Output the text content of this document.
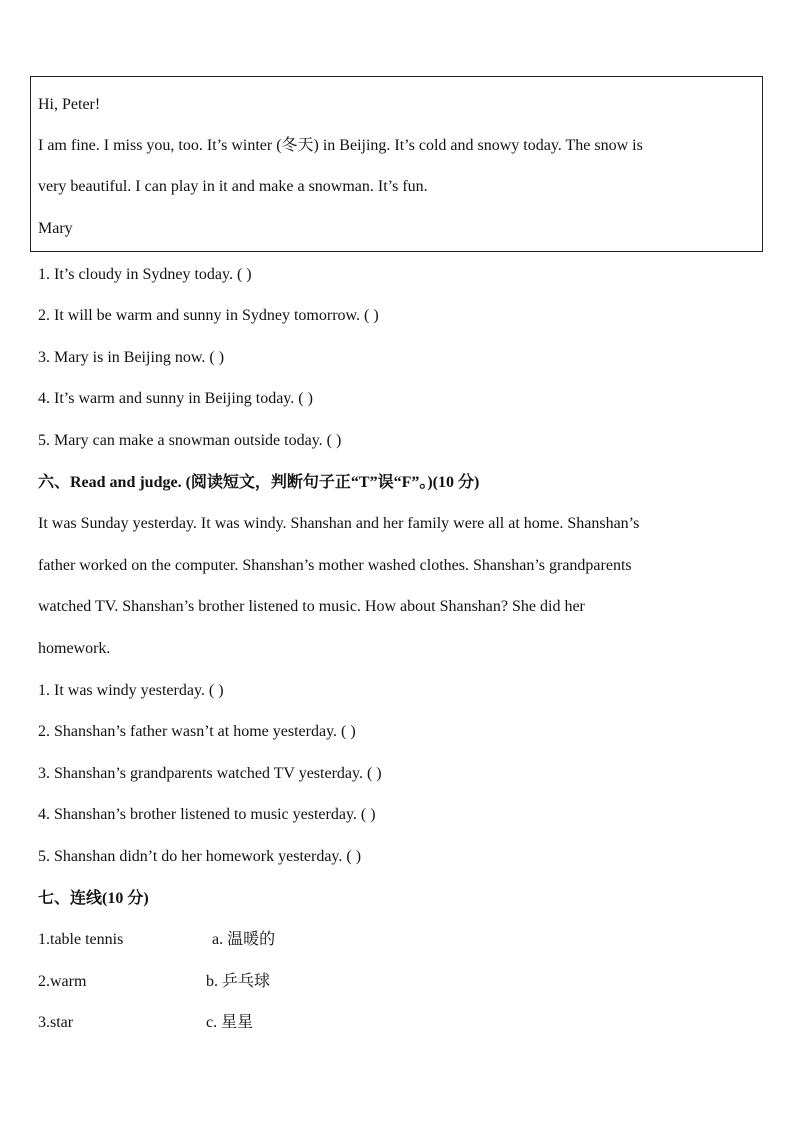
Hi, Peter!
I am fine. I miss you, too. It’s winter (冬天) in Beijing. It’s cold and snowy today. The snow is
very beautiful. I can play in it and make a snowman. It’s fun.
Mary
1. It’s cloudy in Sydney today. ( )
2. It will be warm and sunny in Sydney tomorrow. ( )
3. Mary is in Beijing now. ( )
4. It’s warm and sunny in Beijing today. ( )
5. Mary can make a snowman outside today. ( )
六、Read and judge. (阅读短文，判断句子正“T”误“F”。)(10 分)
It was Sunday yesterday. It was windy. Shanshan and her family were all at home. Shanshan’s
father worked on the computer. Shanshan’s mother washed clothes. Shanshan’s grandparents
watched TV. Shanshan’s brother listened to music. How about Shanshan? She did her
homework.
1. It was windy yesterday. ( )
2. Shanshan’s father wasn’t at home yesterday. ( )
3. Shanshan’s grandparents watched TV yesterday. ( )
4. Shanshan’s brother listened to music yesterday. ( )
5. Shanshan didn’t do her homework yesterday. ( )
七、连线(10 分)
1.table tennis	a. 温暖的
2.warm	b. 乒乓球
3.star	c. 星星
